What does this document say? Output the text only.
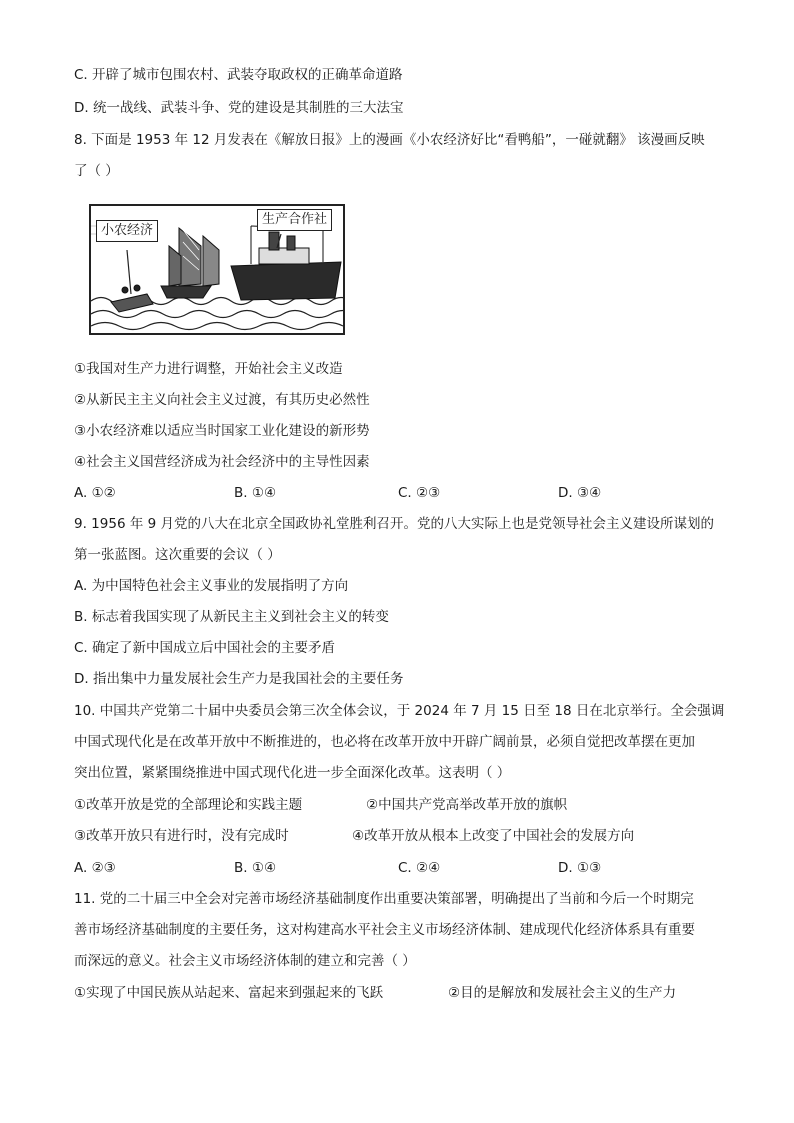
C. 开辟了城市包围农村、武装夺取政权的正确革命道路
D. 统一战线、武装斗争、党的建设是其制胜的三大法宝
8. 下面是 1953 年 12 月发表在《解放日报》上的漫画《小农经济好比“看鸭船”，一碰就翻》 该漫画反映
了（ ）
小农经济
生产合作社
①我国对生产力进行调整，开始社会主义改造
②从新民主主义向社会主义过渡，有其历史必然性
③小农经济难以适应当时国家工业化建设的新形势
④社会主义国营经济成为社会经济中的主导性因素
A. ①②	B. ①④	C. ②③	D. ③④
9. 1956 年 9 月党的八大在北京全国政协礼堂胜利召开。党的八大实际上也是党领导社会主义建设所谋划的
第一张蓝图。这次重要的会议（ ）
A. 为中国特色社会主义事业的发展指明了方向
B. 标志着我国实现了从新民主主义到社会主义的转变
C. 确定了新中国成立后中国社会的主要矛盾
D. 指出集中力量发展社会生产力是我国社会的主要任务
10. 中国共产党第二十届中央委员会第三次全体会议，于 2024 年 7 月 15 日至 18 日在北京举行。全会强调
中国式现代化是在改革开放中不断推进的，也必将在改革开放中开辟广阔前景，必须自觉把改革摆在更加
突出位置，紧紧围绕推进中国式现代化进一步全面深化改革。这表明（ ）
①改革开放是党的全部理论和实践主题	②中国共产党高举改革开放的旗帜
③改革开放只有进行时，没有完成时	④改革开放从根本上改变了中国社会的发展方向
A. ②③	B. ①④	C. ②④	D. ①③
11. 党的二十届三中全会对完善市场经济基础制度作出重要决策部署，明确提出了当前和今后一个时期完
善市场经济基础制度的主要任务，这对构建高水平社会主义市场经济体制、建成现代化经济体系具有重要
而深远的意义。社会主义市场经济体制的建立和完善（ ）
①实现了中国民族从站起来、富起来到强起来的飞跃	②目的是解放和发展社会主义的生产力
